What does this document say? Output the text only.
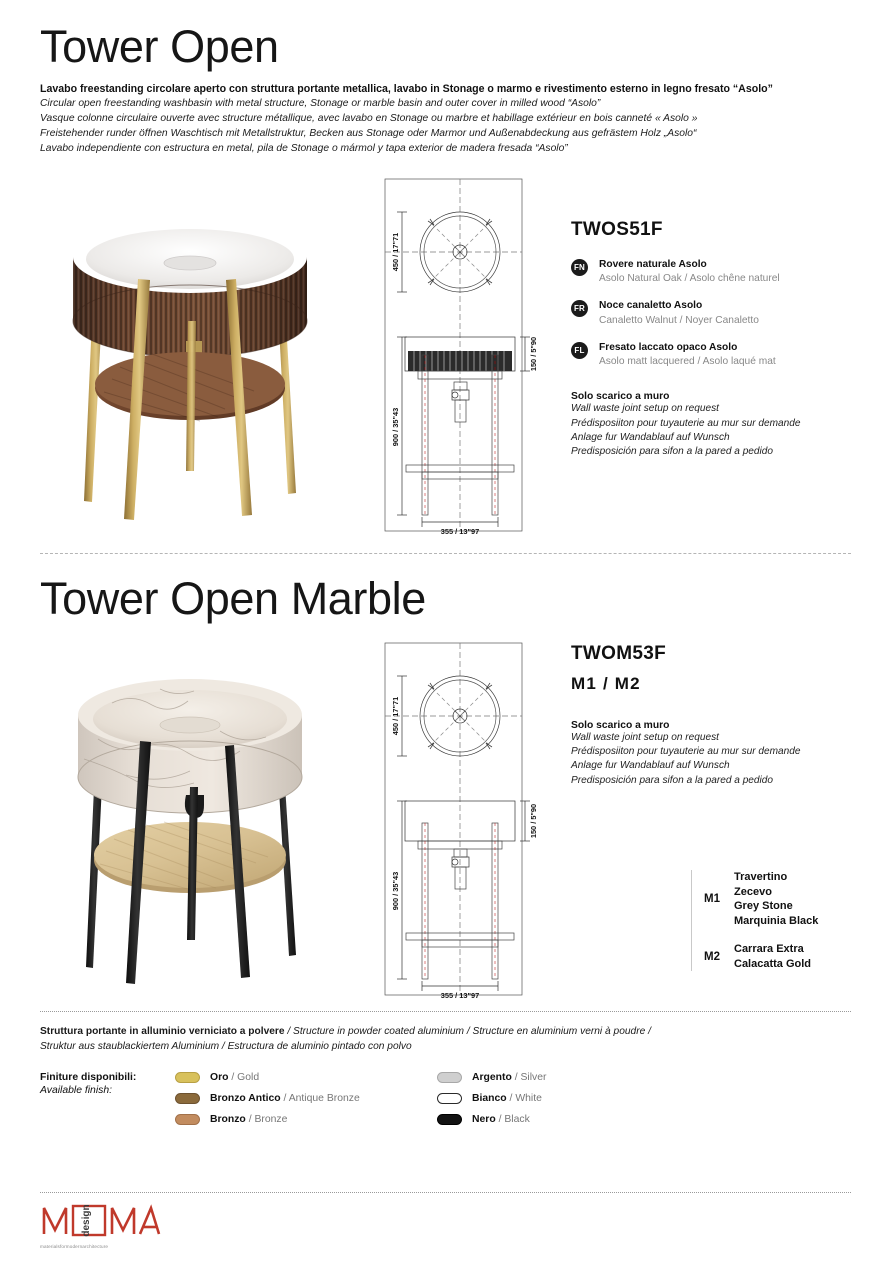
Tower Open
Lavabo freestanding circolare aperto con struttura portante metallica, lavabo in Stonage o marmo e rivestimento esterno in legno fresato “Asolo”
Circular open freestanding washbasin with metal structure, Stonage or marble basin and outer cover in milled wood “Asolo”
Vasque colonne circulaire ouverte avec structure métallique, avec lavabo en Stonage ou marbre et habillage extérieur en bois canneté « Asolo »
Freistehender runder öffnen Waschtisch mit Metallstruktur, Becken aus Stonage oder Marmor und Außenabdeckung aus gefrästem Holz „Asolo“
Lavabo independiente con estructura en metal, pila de Stonage o mármol y tapa exterior de madera fresada “Asolo”
450 / 17"71
150 / 5"90
900 / 35"43
355 / 13"97
TWOS51F
FN Rovere naturale Asolo
Asolo Natural Oak / Asolo chêne naturel
FR Noce canaletto Asolo
Canaletto Walnut / Noyer Canaletto
FL	Fresato laccato opaco Asolo
Asolo matt lacquered / Asolo laqué mat
Solo scarico a muro
Wall waste joint setup on request
Prédisposiiton pour tuyauterie au mur sur demande
Anlage fur Wandablauf auf Wunsch
Predisposición para sifon a la pared a pedido
Tower Open Marble
450 / 17"71
150 / 5"90
900 / 35"43
355 / 13"97
TWOM53F
M1 / M2
Solo scarico a muro
Wall waste joint setup on request
Prédisposiiton pour tuyauterie au mur sur demande
Anlage fur Wandablauf auf Wunsch
Predisposición para sifon a la pared a pedido
M1
Travertino
Zecevo
Grey Stone
Marquinia Black
M2
Carrara Extra
Calacatta Gold
Struttura portante in alluminio verniciato a polvere / Structure in powder coated aluminium / Structure en aluminium verni à poudre /
Struktur aus staublackiertem Aluminium / Estructura de aluminio pintado con polvo
Finiture disponibili:
Available finish:
Oro / Gold
Bronzo Antico / Antique Bronze
Bronzo / Bronze
Argento / Silver
Bianco / White
Nero / Black
design
materialsformodernarchitecture
